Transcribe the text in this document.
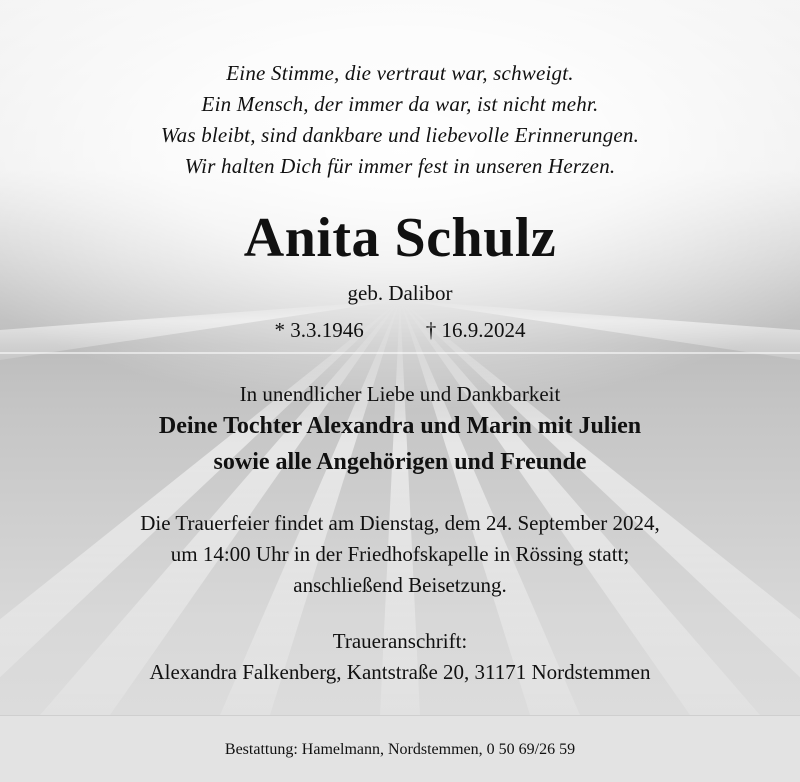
Eine Stimme, die vertraut war, schweigt.
Ein Mensch, der immer da war, ist nicht mehr.
Was bleibt, sind dankbare und liebevolle Erinnerungen.
Wir halten Dich für immer fest in unseren Herzen.
Anita Schulz
geb. Dalibor
* 3.3.1946	† 16.9.2024
In unendlicher Liebe und Dankbarkeit
Deine Tochter Alexandra und Marin mit Julien
sowie alle Angehörigen und Freunde
Die Trauerfeier findet am Dienstag, dem 24. September 2024,
um 14:00 Uhr in der Friedhofskapelle in Rössing statt;
anschließend Beisetzung.
Traueranschrift:
Alexandra Falkenberg, Kantstraße 20, 31171 Nordstemmen
Bestattung: Hamelmann, Nordstemmen, 0 50 69/26 59
